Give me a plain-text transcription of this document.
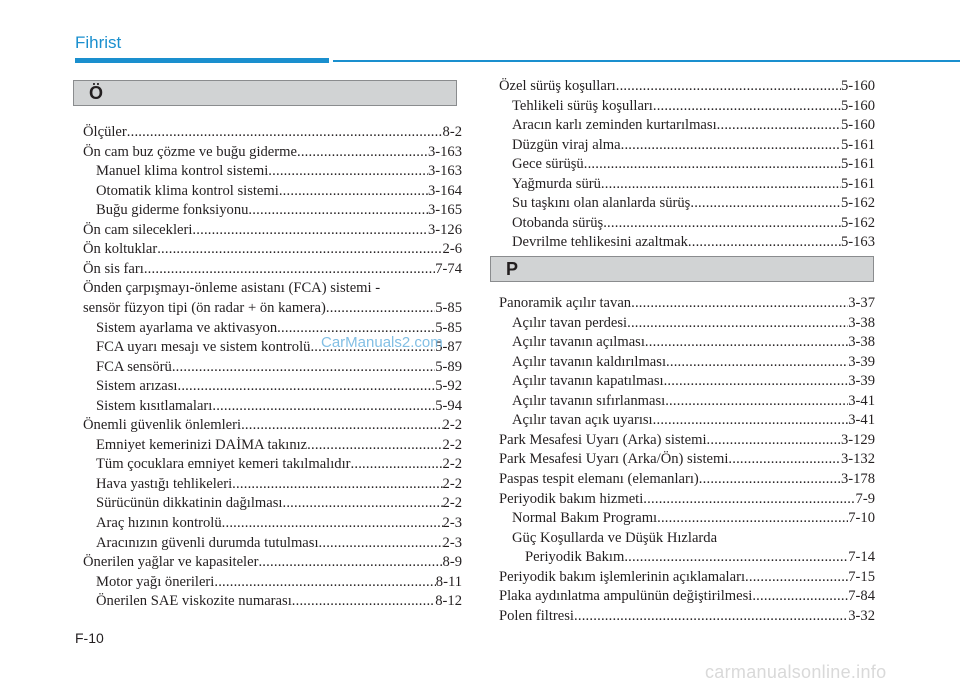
Fihrist
Ö
P
Ölçüler .....	8-2
Ön cam buz çözme ve buğu giderme .....	3-163
Manuel klima kontrol sistemi .....	3-163
Otomatik klima kontrol sistemi .....	3-164
Buğu giderme fonksiyonu .....	3-165
Ön cam silecekleri .....	3-126
Ön koltuklar .....	2-6
Ön sis farı .....	7-74
Önden çarpışmayı-önleme asistanı (FCA) sistemi -
sensör füzyon tipi (ön radar + ön kamera) .....	5-85
Sistem ayarlama ve aktivasyon .....	5-85
FCA uyarı mesajı ve sistem kontrolü .....	5-87
FCA sensörü .....	5-89
Sistem arızası .....	5-92
Sistem kısıtlamaları .....	5-94
Önemli güvenlik önlemleri .....	2-2
Emniyet kemerinizi DAİMA takınız .....	2-2
Tüm çocuklara emniyet kemeri takılmalıdır .....	2-2
Hava yastığı tehlikeleri .....	2-2
Sürücünün dikkatinin dağılması .....	2-2
Araç hızının kontrolü .....	2-3
Aracınızın güvenli durumda tutulması .....	2-3
Önerilen yağlar ve kapasiteler .....	8-9
Motor yağı önerileri .....	8-11
Önerilen SAE viskozite numarası .....	8-12
Özel sürüş koşulları .....	5-160
Tehlikeli sürüş koşulları .....	5-160
Aracın karlı zeminden kurtarılması .....	5-160
Düzgün viraj alma .....	5-161
Gece sürüşü .....	5-161
Yağmurda sürü .....	5-161
Su taşkını olan alanlarda sürüş .....	5-162
Otobanda sürüş .....	5-162
Devrilme tehlikesini azaltmak .....	5-163
Panoramik açılır tavan .....	3-37
Açılır tavan perdesi .....	3-38
Açılır tavanın açılması .....	3-38
Açılır tavanın kaldırılması .....	3-39
Açılır tavanın kapatılması .....	3-39
Açılır tavanın sıfırlanması .....	3-41
Açılır tavan açık uyarısı .....	3-41
Park Mesafesi Uyarı (Arka) sistemi .....	3-129
Park Mesafesi Uyarı (Arka/Ön) sistemi .....	3-132
Paspas tespit elemanı (elemanları) .....	3-178
Periyodik bakım hizmeti .....	7-9
Normal Bakım Programı .....	7-10
Güç Koşullarda ve Düşük Hızlarda
Periyodik Bakım .....	7-14
Periyodik bakım işlemlerinin açıklamaları .....	7-15
Plaka aydınlatma ampulünün değiştirilmesi .....	7-84
Polen filtresi .....	3-32
CarManuals2.com
F-10
carmanualsonline.info
